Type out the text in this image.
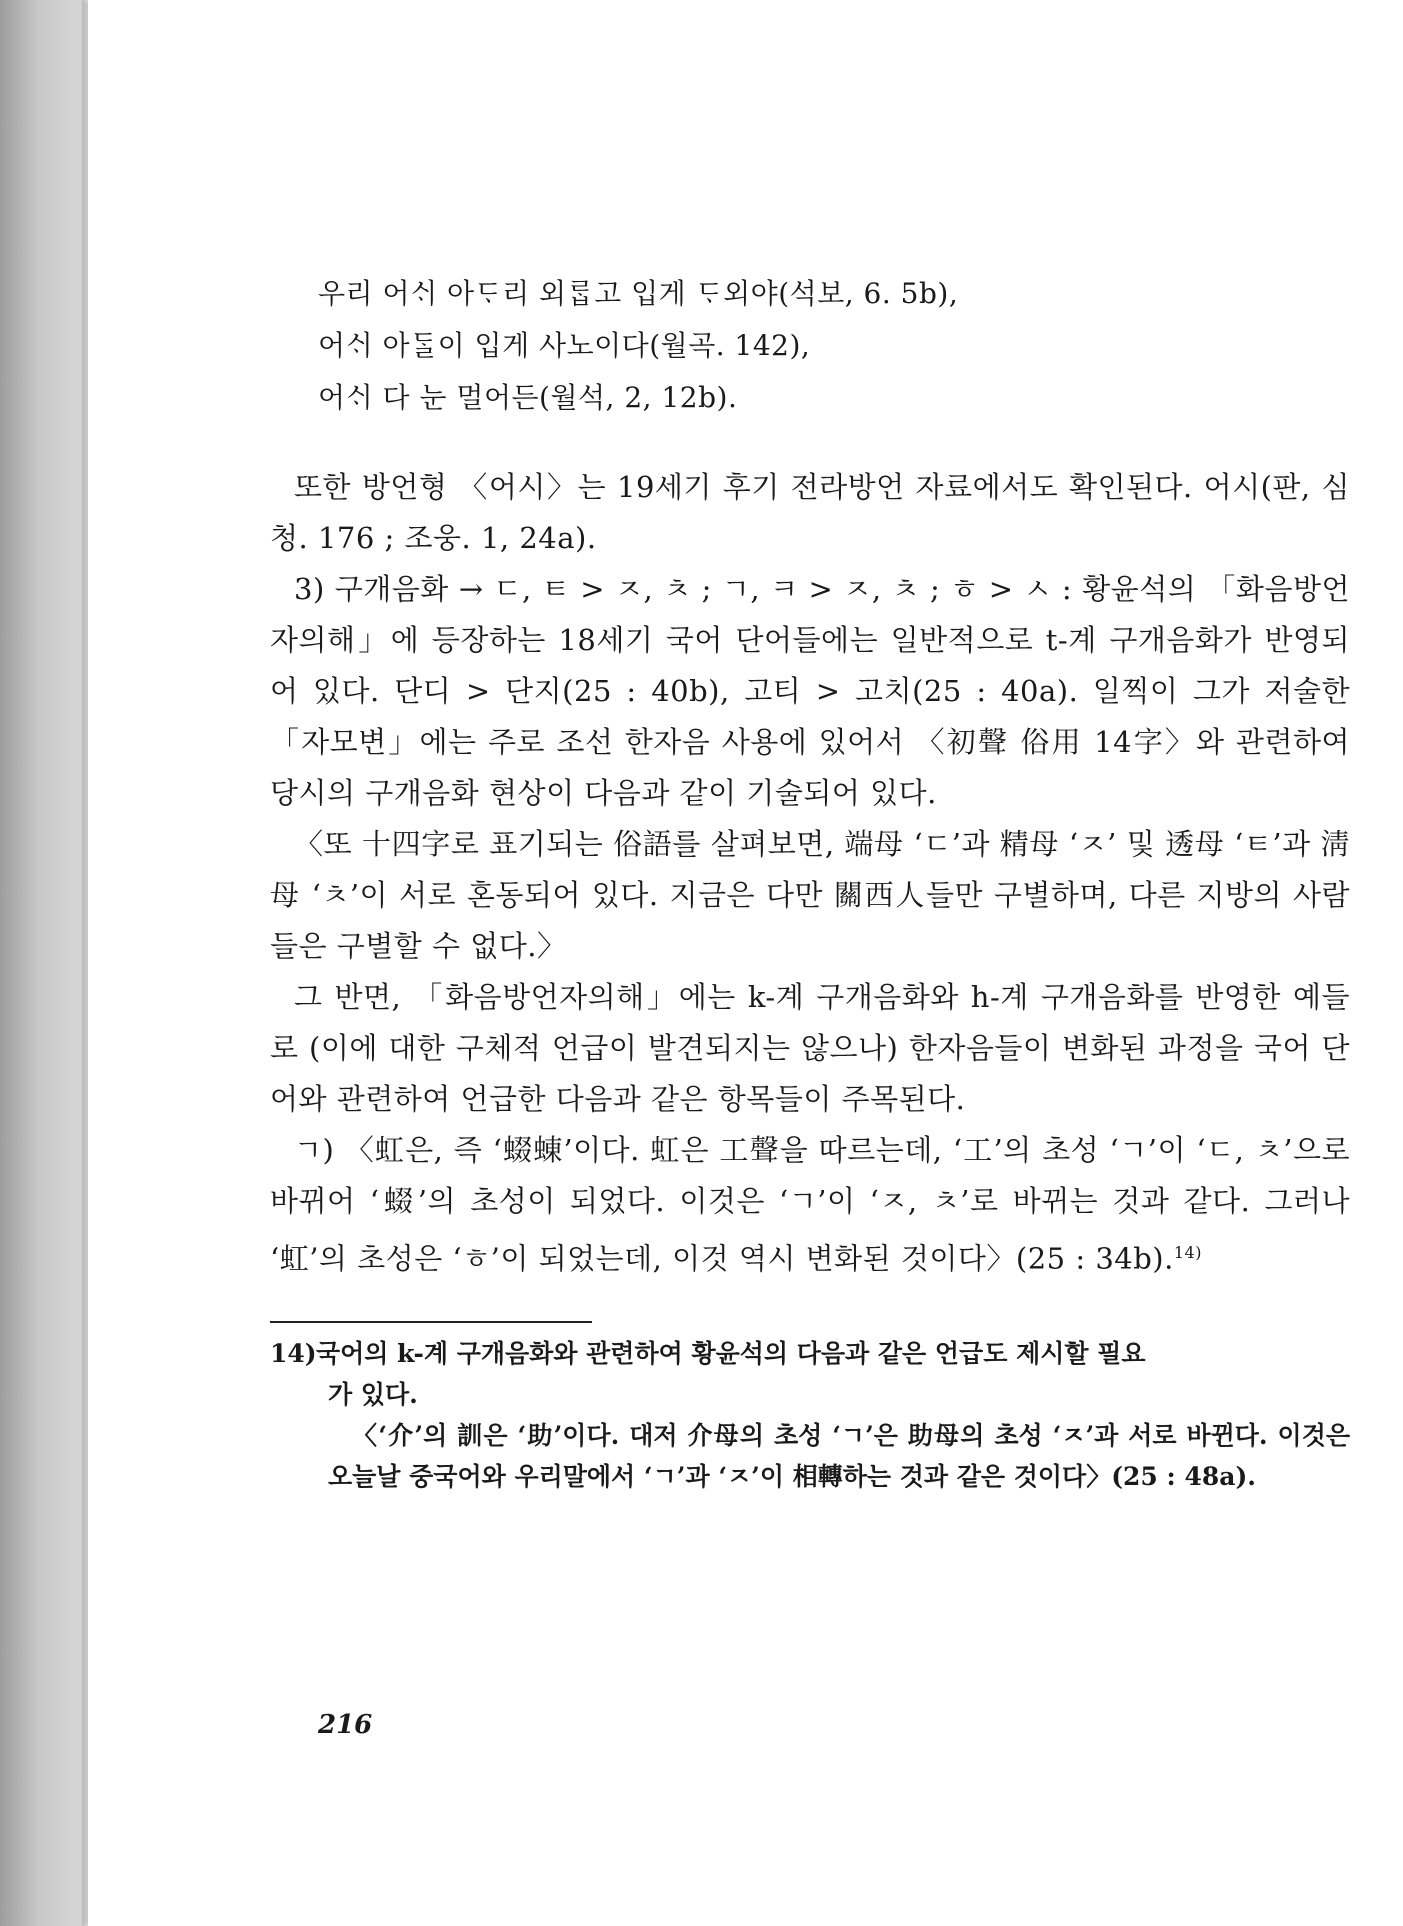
우리 어ᄉᆡ 아ᄃᆞ리 외ᄅᆞᆸ고 입게 ᄃᆞ외야(석보, 6. 5b),
어ᄉᆡ 아ᄃᆞᆯ이 입게 사노이다(월곡. 142),
어ᄉᆡ 다 눈 멀어든(월석, 2, 12b).

또한 방언형 〈어시〉는 19세기 후기 전라방언 자료에서도 확인된다. 어시(판, 심청. 176 ; 조웅. 1, 24a).

3) 구개음화 → ㄷ, ㅌ > ㅈ, ㅊ ; ㄱ, ㅋ > ㅈ, ㅊ ; ㅎ > ㅅ : 황윤석의 「화음방언자의해」에 등장하는 18세기 국어 단어들에는 일반적으로 t-계 구개음화가 반영되어 있다. 단디 > 단지(25 : 40b), 고티 > 고치(25 : 40a). 일찍이 그가 저술한 「자모변」에는 주로 조선 한자음 사용에 있어서 〈初聲 俗用 14字〉와 관련하여 당시의 구개음화 현상이 다음과 같이 기술되어 있다.

〈또 十四字로 표기되는 俗語를 살펴보면, 端母 ‘ㄷ’과 精母 ‘ㅈ’ 및 透母 ‘ㅌ’과 淸母 ‘ㅊ’이 서로 혼동되어 있다. 지금은 다만 關西人들만 구별하며, 다른 지방의 사람들은 구별할 수 없다.〉

그 반면, 「화음방언자의해」에는 k-계 구개음화와 h-계 구개음화를 반영한 예들로 (이에 대한 구체적 언급이 발견되지는 않으나) 한자음들이 변화된 과정을 국어 단어와 관련하여 언급한 다음과 같은 항목들이 주목된다.

ㄱ) 〈虹은, 즉 ‘蝃蝀’이다. 虹은 工聲을 따르는데, ‘工’의 초성 ‘ㄱ’이 ‘ㄷ, ㅊ’으로 바뀌어 ‘蝃’의 초성이 되었다. 이것은 ‘ㄱ’이 ‘ㅈ, ㅊ’로 바뀌는 것과 같다. 그러나 ‘虹’의 초성은 ‘ㅎ’이 되었는데, 이것 역시 변화된 것이다〉(25 : 34b).$^{14)}$

14)국어의 k-계 구개음화와 관련하여 황윤석의 다음과 같은 언급도 제시할 필요

가 있다.

〈‘介’의 訓은 ‘助’이다. 대저 介母의 초성 ‘ㄱ’은 助母의 초성 ‘ㅈ’과 서로 바뀐다. 이것은 오늘날 중국어와 우리말에서 ‘ㄱ’과 ‘ㅈ’이 相轉하는 것과 같은 것이다〉(25 : 48a).

216
